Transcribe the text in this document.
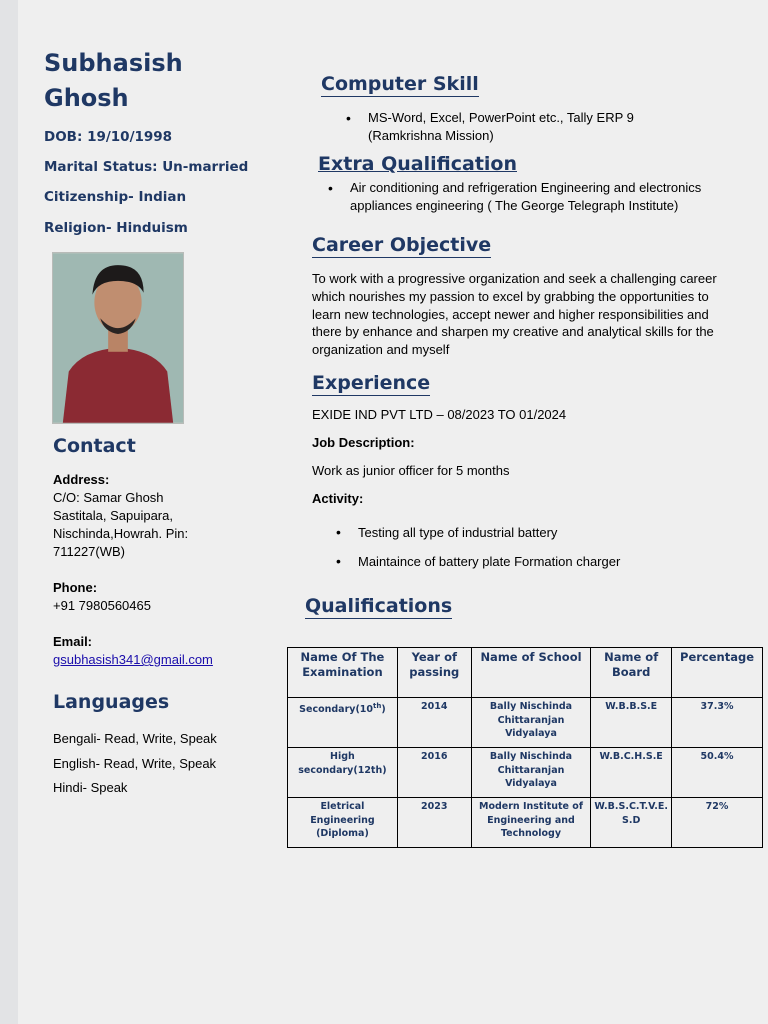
Subhasish
Ghosh
DOB: 19/10/1998
Marital Status: Un-married
Citizenship- Indian
Religion- Hinduism
Contact
Address:
C/O: Samar Ghosh
Sastitala, Sapuipara,
Nischinda,Howrah. Pin:
711227(WB)
Phone:
+91 7980560465
Email:
gsubhasish341@gmail.com
Languages
Bengali- Read, Write, Speak
English- Read, Write, Speak
Hindi- Speak
Computer Skill
• MS-Word, Excel, PowerPoint etc., Tally ERP 9 (Ramkrishna Mission)
Extra Qualification
• Air conditioning and refrigeration Engineering and electronics appliances engineering ( The George Telegraph Institute)
Career Objective
To work with a progressive organization and seek a challenging career which nourishes my passion to excel by grabbing the opportunities to learn new technologies, accept newer and higher responsibilities and there by enhance and sharpen my creative and analytical skills for the organization and myself
Experience
EXIDE IND PVT LTD – 08/2023 TO 01/2024
Job Description:
Work as junior officer for 5 months
Activity:
• Testing all type of industrial battery
• Maintaince of battery plate Formation charger
Qualifications
Name Of The Examination	Year of passing	Name of School	Name of Board	Percentage
Secondary(10th)	2014	Bally Nischinda Chittaranjan Vidyalaya	W.B.B.S.E	37.3%
High secondary(12th)	2016	Bally Nischinda Chittaranjan Vidyalaya	W.B.C.H.S.E	50.4%
Eletrical Engineering (Diploma)	2023	Modern Institute of Engineering and Technology	W.B.S.C.T.V.E.S.D	72%
